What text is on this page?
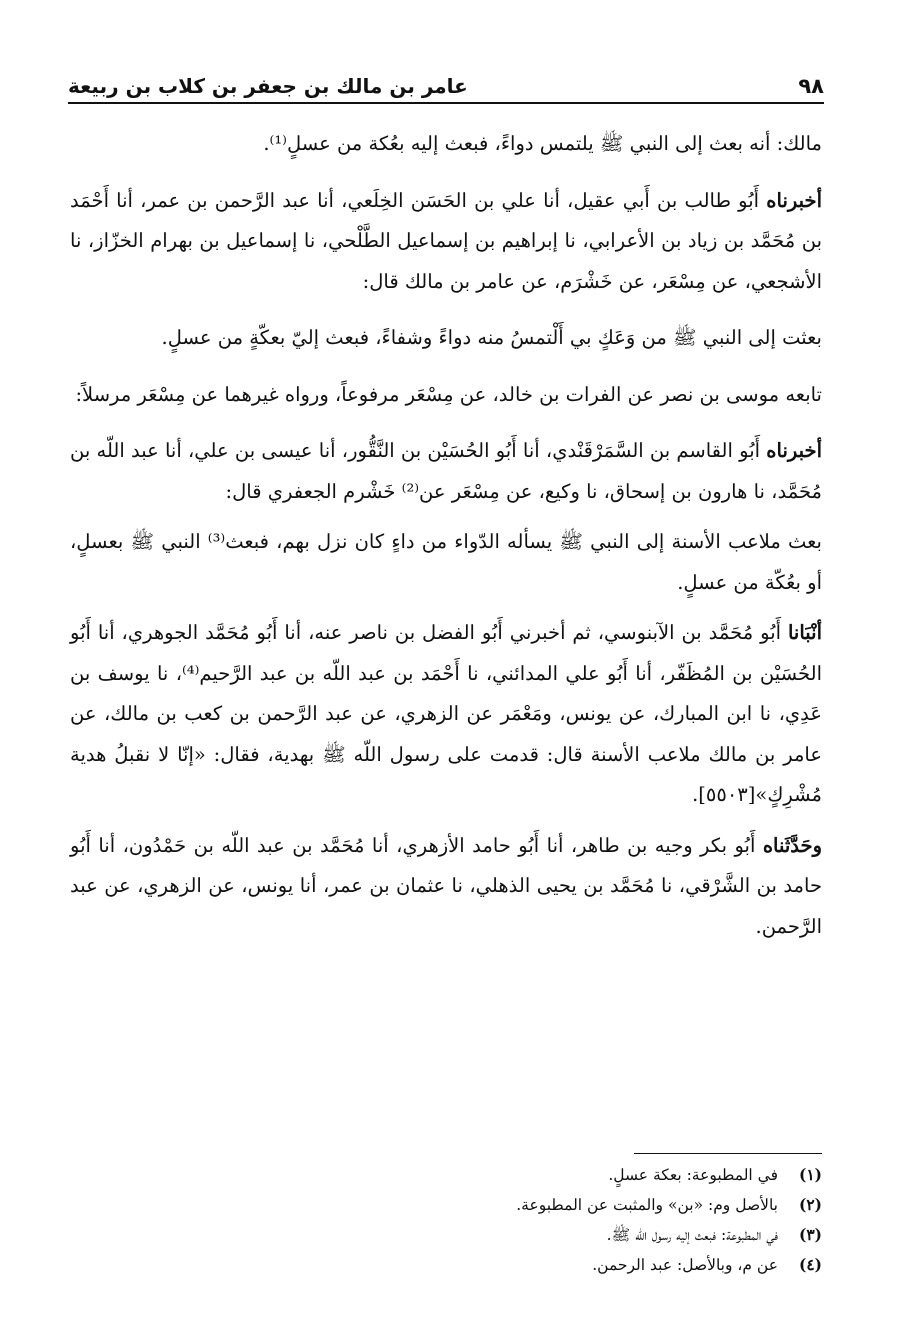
٩٨
عامر بن مالك بن جعفر بن كلاب بن ربيعة

مالك: أنه بعث إلى النبي ﷺ يلتمس دواءً، فبعث إليه بعُكة من عسلٍ⁽¹⁾.

أخبرناه أَبُو طالب بن أَبي عقيل، أنا علي بن الحَسَن الخِلَعي، أنا عبد الرَّحمن بن عمر، أنا أَحْمَد بن مُحَمَّد بن زياد بن الأعرابي، نا إبراهيم بن إسماعيل الطَّلْحي، نا إسماعيل بن بهرام الخزّاز، نا الأشجعي، عن مِسْعَر، عن خَشْرَم، عن عامر بن مالك قال:

بعثت إلى النبي ﷺ من وَعَكٍ بي أَلْتمسُ منه دواءً وشفاءً، فبعث إليّ بعكّةٍ من عسلٍ.

تابعه موسى بن نصر عن الفرات بن خالد، عن مِسْعَر مرفوعاً، ورواه غيرهما عن مِسْعَر مرسلاً:

أخبرناه أَبُو القاسم بن السَّمَرْقَنْدي، أنا أَبُو الحُسَيْن بن النَّقُّور، أنا عيسى بن علي، أنا عبد اللّه بن مُحَمَّد، نا هارون بن إسحاق، نا وكيع، عن مِسْعَر عن⁽²⁾ خَشْرم الجعفري قال:

بعث ملاعب الأسنة إلى النبي ﷺ يسأله الدّواء من داءٍ كان نزل بهم، فبعث⁽³⁾ النبي ﷺ بعسلٍ، أو بعُكّة من عسلٍ.

أنْبَانا أَبُو مُحَمَّد بن الآبنوسي، ثم أخبرني أَبُو الفضل بن ناصر عنه، أنا أَبُو مُحَمَّد الجوهري، أنا أَبُو الحُسَيْن بن المُظَفّر، أنا أَبُو علي المدائني، نا أَحْمَد بن عبد اللّه بن عبد الرَّحيم⁽⁴⁾، نا يوسف بن عَدِي، نا ابن المبارك، عن يونس، ومَعْمَر عن الزهري، عن عبد الرَّحمن بن كعب بن مالك، عن عامر بن مالك ملاعب الأسنة قال: قدمت على رسول اللّه ﷺ بهدية، فقال: «إنّا لا نقبلُ هدية مُشْرِكٍ»[٥٥٠٣].

وحَدَّثَناه أَبُو بكر وجيه بن طاهر، أنا أَبُو حامد الأزهري، أنا مُحَمَّد بن عبد اللّه بن حَمْدُون، أنا أَبُو حامد بن الشَّرْقي، نا مُحَمَّد بن يحيى الذهلي، نا عثمان بن عمر، أنا يونس، عن الزهري، عن عبد الرَّحمن.

(١)
في المطبوعة: بعكة عسلٍ.
(٢)
بالأصل وم: «بن» والمثبت عن المطبوعة.
(٣)
في المطبوعة: فبعث إليه رسول الله ﷺ.
(٤)
عن م، وبالأصل: عبد الرحمن.
